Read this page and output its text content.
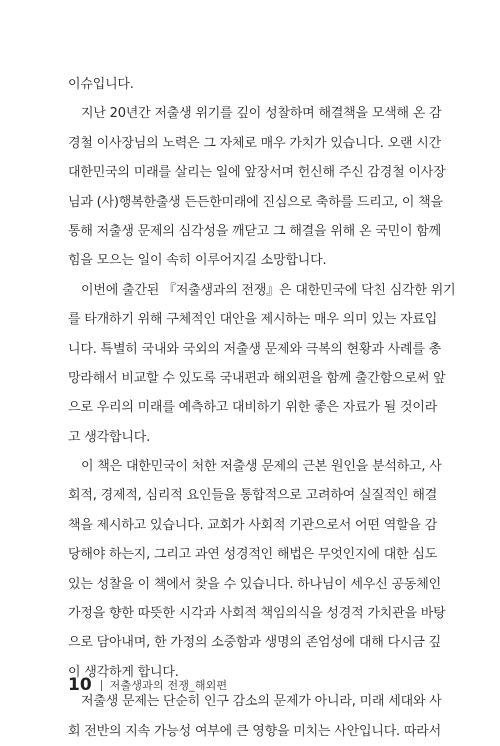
이슈입니다.
지난 20년간 저출생 위기를 깊이 성찰하며 해결책을 모색해 온 감
경철 이사장님의 노력은 그 자체로 매우 가치가 있습니다. 오랜 시간
대한민국의 미래를 살리는 일에 앞장서며 헌신해 주신 감경철 이사장
님과 (사)행복한출생 든든한미래에 진심으로 축하를 드리고, 이 책을
통해 저출생 문제의 심각성을 깨닫고 그 해결을 위해 온 국민이 함께
힘을 모으는 일이 속히 이루어지길 소망합니다.
이번에 출간된 『저출생과의 전쟁』은 대한민국에 닥친 심각한 위기
를 타개하기 위해 구체적인 대안을 제시하는 매우 의미 있는 자료입
니다. 특별히 국내와 국외의 저출생 문제와 극복의 현황과 사례를 총
망라해서 비교할 수 있도록 국내편과 해외편을 함께 출간함으로써 앞
으로 우리의 미래를 예측하고 대비하기 위한 좋은 자료가 될 것이라
고 생각합니다.
이 책은 대한민국이 처한 저출생 문제의 근본 원인을 분석하고, 사
회적, 경제적, 심리적 요인들을 통합적으로 고려하여 실질적인 해결
책을 제시하고 있습니다. 교회가 사회적 기관으로서 어떤 역할을 감
당해야 하는지, 그리고 과연 성경적인 해법은 무엇인지에 대한 심도
있는 성찰을 이 책에서 찾을 수 있습니다. 하나님이 세우신 공동체인
가정을 향한 따뜻한 시각과 사회적 책임의식을 성경적 가치관을 바탕
으로 담아내며, 한 가정의 소중함과 생명의 존엄성에 대해 다시금 깊
이 생각하게 합니다.
저출생 문제는 단순히 인구 감소의 문제가 아니라, 미래 세대와 사
회 전반의 지속 가능성 여부에 큰 영향을 미치는 사안입니다. 따라서
10 저출생과의 전쟁_해외편
